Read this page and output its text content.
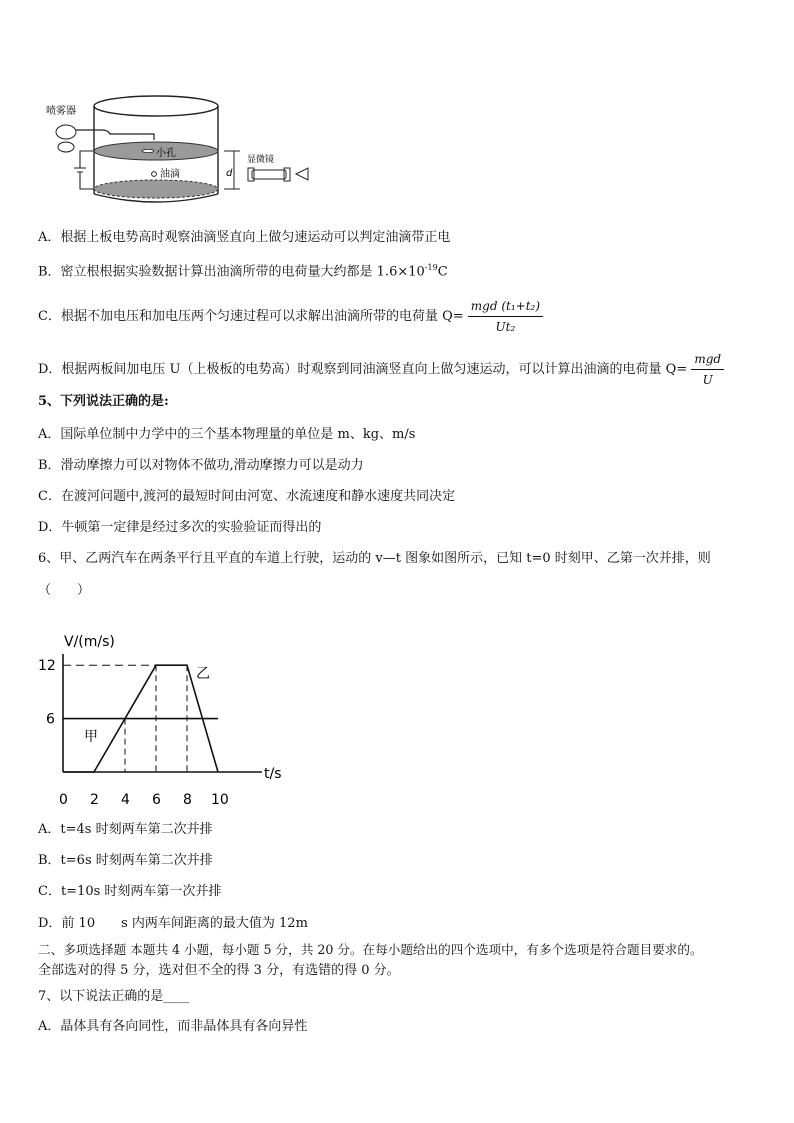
小孔
油滴
喷雾器
d
显微镜
A．根据上板电势高时观察油滴竖直向上做匀速运动可以判定油滴带正电
B．密立根根据实验数据计算出油滴所带的电荷量大约都是 $1.6\times 10^{-19}C$
C．根据不加电压和加电压两个匀速过程可以求解出油滴所带的电荷量 $Q= \frac{\text{mgd (t₁+t₂)}}{\text{Ut₂}}$
D．根据两板间加电压 U（上极板的电势高）时观察到同油滴竖直向上做匀速运动，可以计算出油滴的电荷量 $Q= \frac{\text{mgd}}{U}$
5、下列说法正确的是:
A．国际单位制中力学中的三个基本物理量的单位是 m、kg、m/s
B．滑动摩擦力可以对物体不做功,滑动摩擦力可以是动力
C．在渡河问题中,渡河的最短时间由河宽、水流速度和静水速度共同决定
D．牛顿第一定律是经过多次的实验验证而得出的
6、甲、乙两汽车在两条平行且平直的车道上行驶，运动的 v—t 图象如图所示，已知 t=0 时刻甲、乙第一次并排，则
（　　）
12
6
10
8
6
4
2
0
V/(m/s)
t/s
甲
乙
A．t=4s 时刻两车第二次并排
B．t=6s 时刻两车第二次并排
C．t=10s 时刻两车第一次并排
D．前 10　　s 内两车间距离的最大值为 12m
二、多项选择题 本题共 4 小题，每小题 5 分，共 20 分。在每小题给出的四个选项中，有多个选项是符合题目要求的。
全部选对的得 5 分，选对但不全的得 3 分，有选错的得 0 分。
7、以下说法正确的是____
A．晶体具有各向同性，而非晶体具有各向异性
